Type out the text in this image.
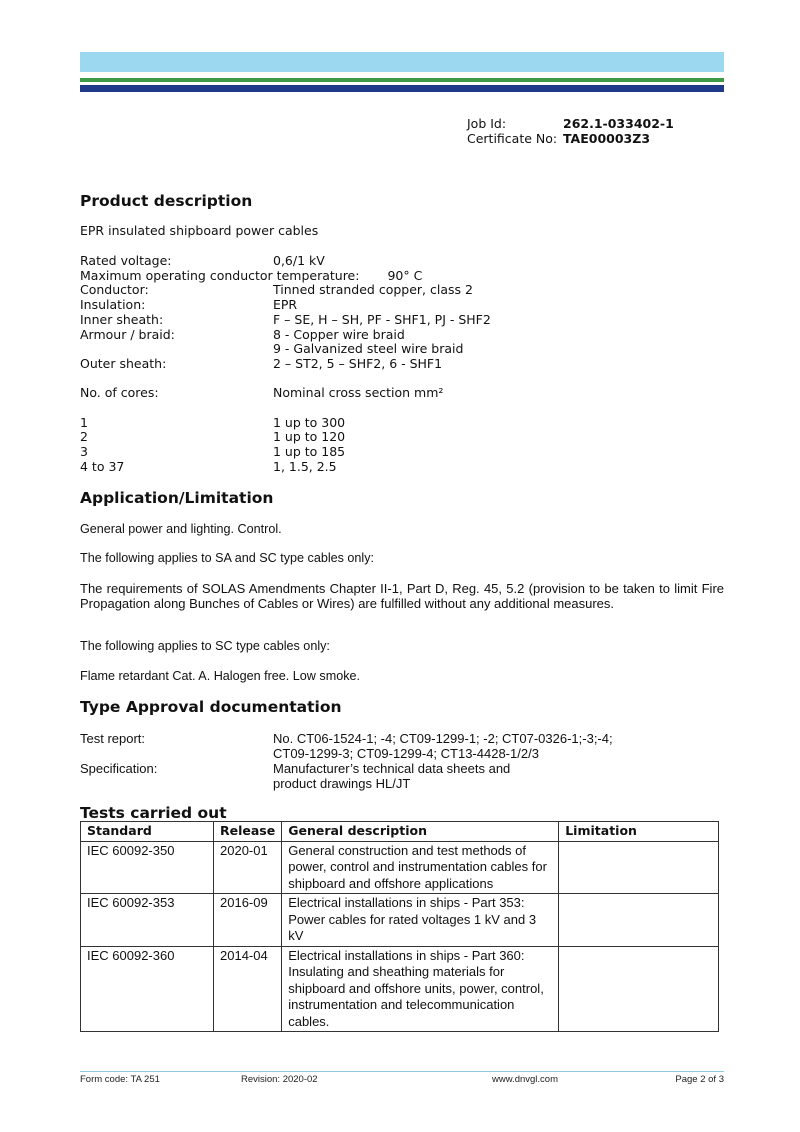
Job Id:	262.1-033402-1
Certificate No: TAE00003Z3
Product description

EPR insulated shipboard power cables

Rated voltage:	0,6/1 kV
Maximum operating conductor temperature: 90° C
Conductor:	Tinned stranded copper, class 2
Insulation:	EPR
Inner sheath:	F – SE, H – SH, PF - SHF1, PJ - SHF2
Armour / braid:	8 - Copper wire braid
9 - Galvanized steel wire braid
Outer sheath:	2 – ST2, 5 – SHF2, 6 - SHF1
No. of cores:	Nominal cross section mm²
1	1 up to 300
2	1 up to 120
3	1 up to 185
4 to 37	1, 1.5, 2.5
Application/Limitation

General power and lighting. Control.

The following applies to SA and SC type cables only:

The requirements of SOLAS Amendments Chapter II-1, Part D, Reg. 45, 5.2 (provision to be taken to limit Fire Propagation along Bunches of Cables or Wires) are fulfilled without any additional measures.

The following applies to SC type cables only:

Flame retardant Cat. A. Halogen free. Low smoke.

Type Approval documentation
Test report:	No. CT06-1524-1; -4; CT09-1299-1; -2; CT07-0326-1;-3;-4;
CT09-1299-3; CT09-1299-4; CT13-4428-1/2/3
Specification:	Manufacturer’s technical data sheets and
product drawings HL/JT
Tests carried out
Standard	Release	General description	Limitation
IEC 60092-350	2020-01	General construction and test methods of power, control and instrumentation cables for shipboard and offshore applications	
IEC 60092-353	2016-09	Electrical installations in ships - Part 353: Power cables for rated voltages 1 kV and 3 kV	
IEC 60092-360	2014-04	Electrical installations in ships - Part 360: Insulating and sheathing materials for shipboard and offshore units, power, control, instrumentation and telecommunication cables.	
Form code: TA 251	Revision: 2020-02	www.dnvgl.com	Page 2 of 3
